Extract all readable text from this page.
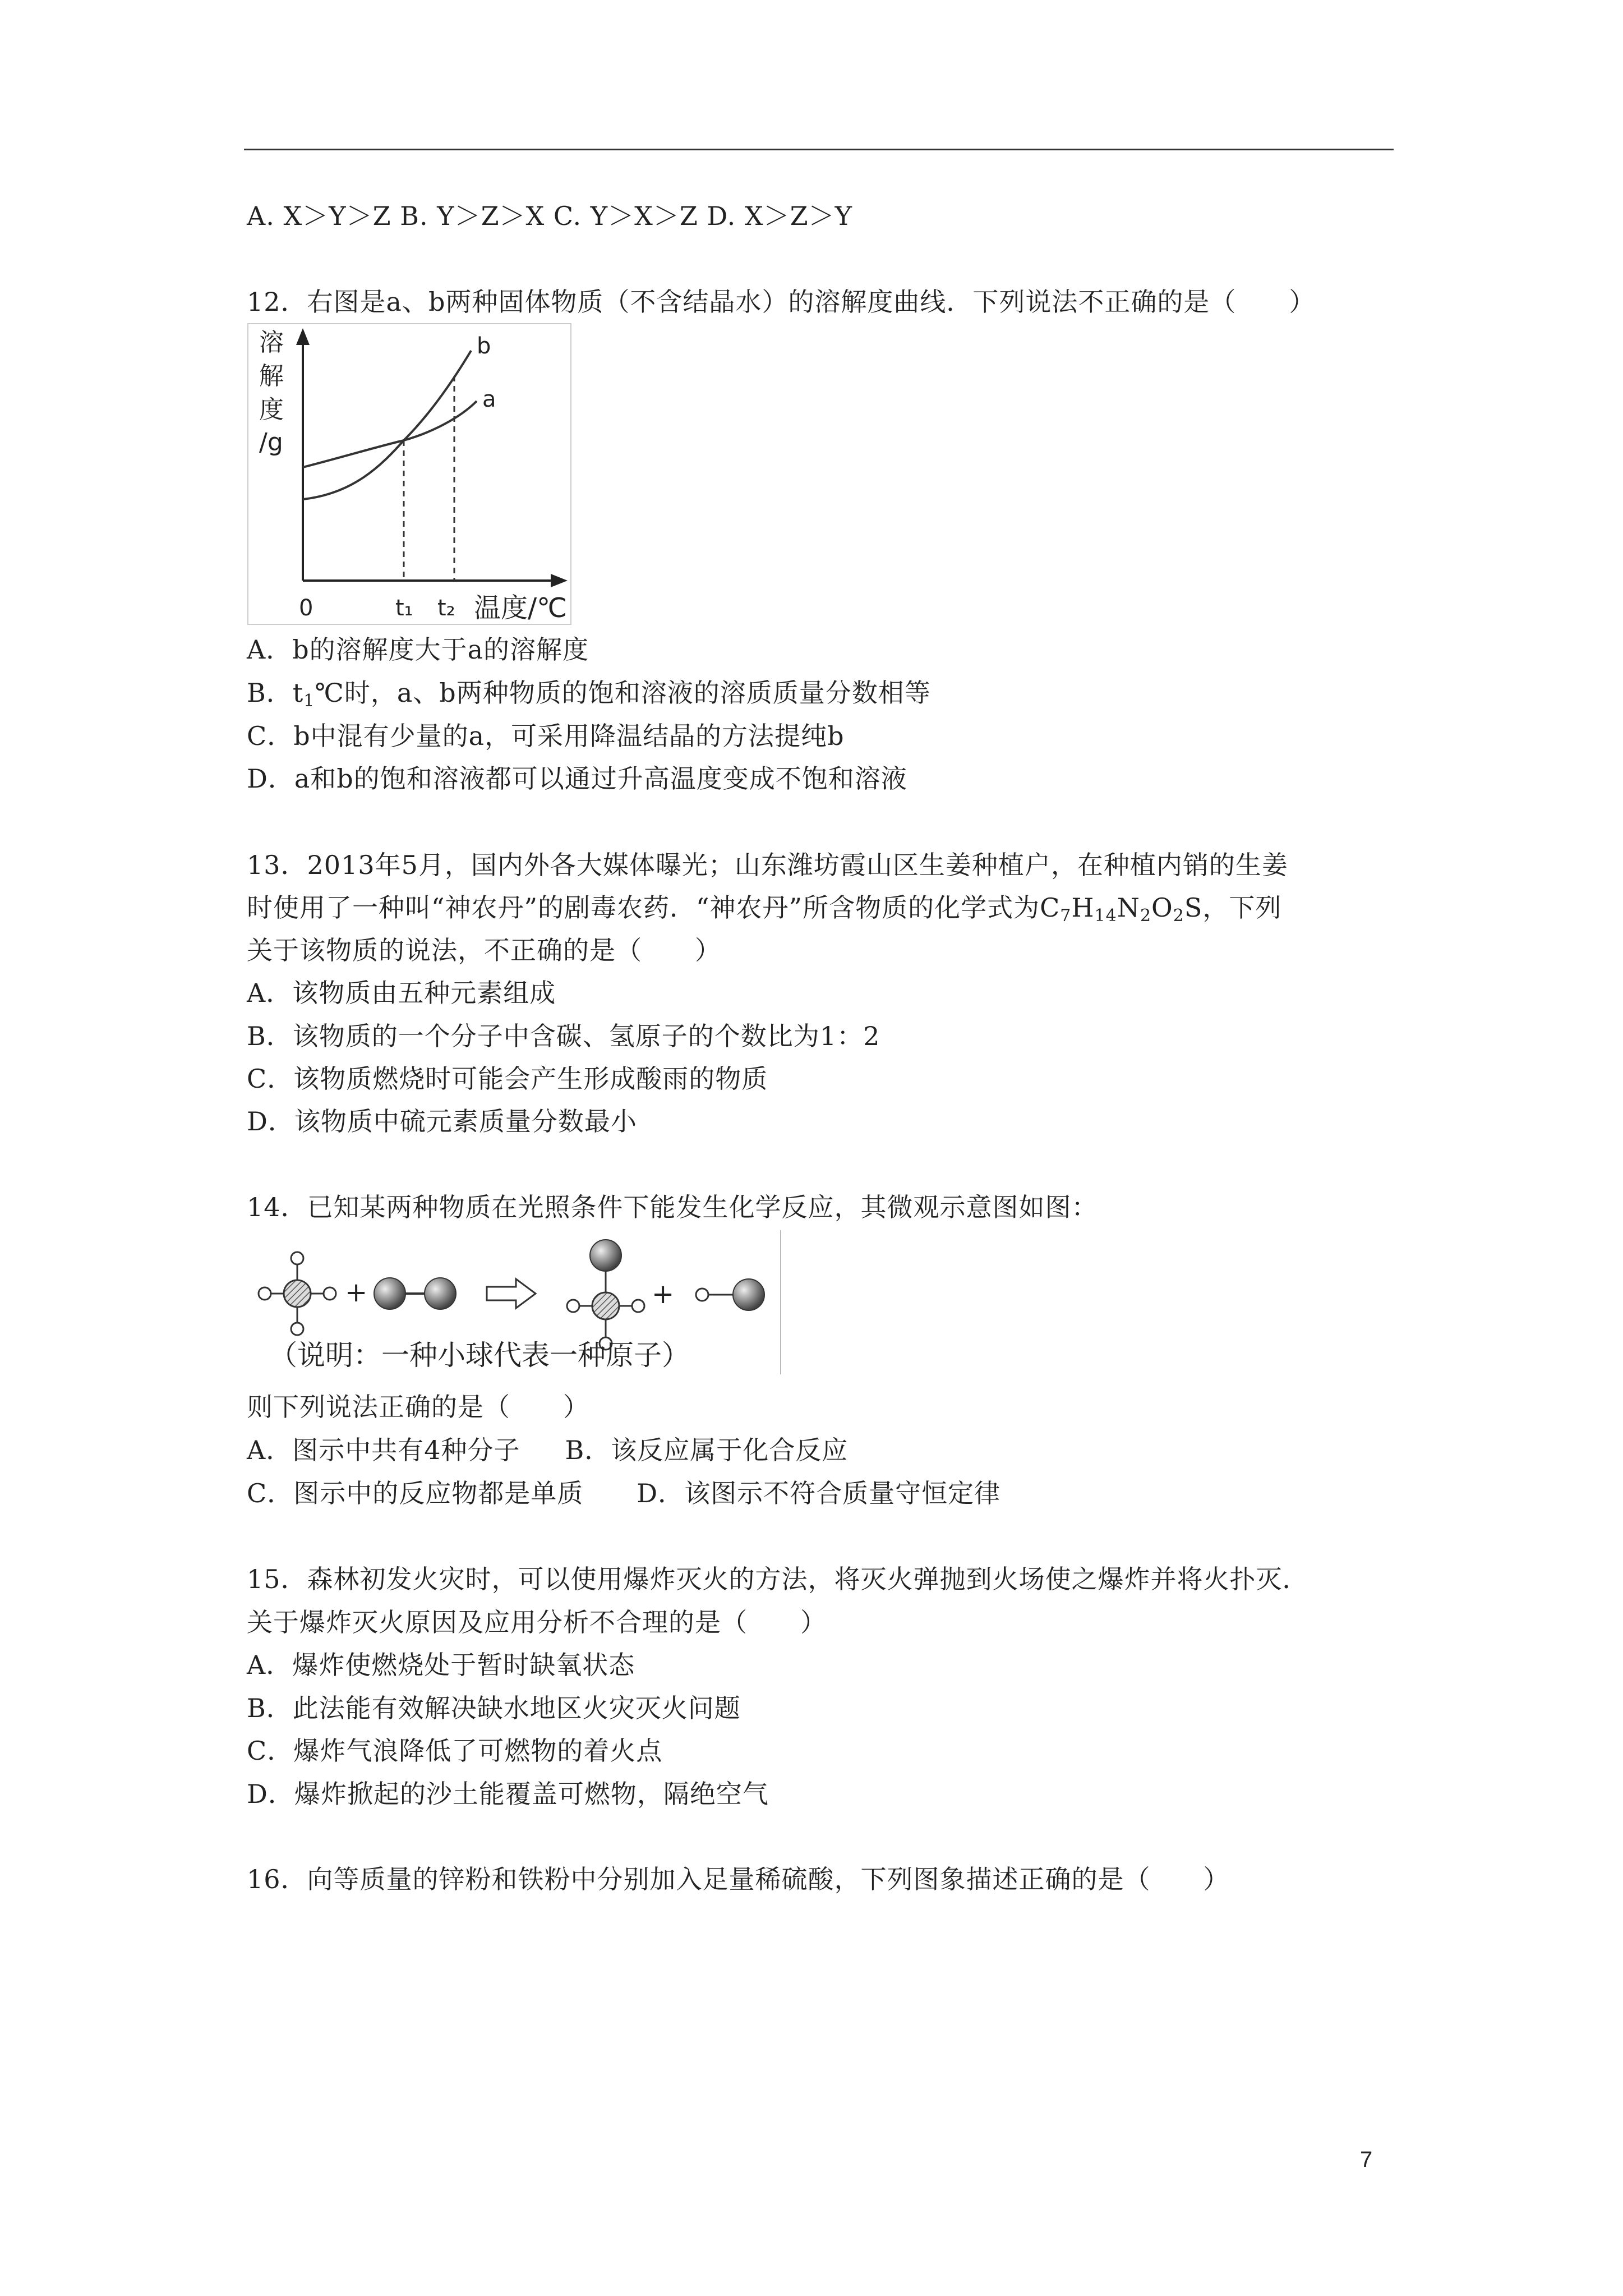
A. X＞Y＞Z B. Y＞Z＞X C. Y＞X＞Z D. X＞Z＞Y
12．右图是a、b两种固体物质（不含结晶水）的溶解度曲线．下列说法不正确的是（　　）
溶
解
度
/g
b
a
0	t₁ t₂ 温度/℃
A．b的溶解度大于a的溶解度
B．$t_1℃$时，a、b两种物质的饱和溶液的溶质质量分数相等
C．b中混有少量的a，可采用降温结晶的方法提纯b
D．a和b的饱和溶液都可以通过升高温度变成不饱和溶液
13．2013年5月，国内外各大媒体曝光；山东潍坊霞山区生姜种植户，在种植内销的生姜
时使用了一种叫“神农丹”的剧毒农药．“神农丹”所含物质的化学式为$C_7H_{14}N_2O_2S$，下列
关于该物质的说法，不正确的是（　　）
A．该物质由五种元素组成
B．该物质的一个分子中含碳、氢原子的个数比为1：2
C．该物质燃烧时可能会产生形成酸雨的物质
D．该物质中硫元素质量分数最小
14．已知某两种物质在光照条件下能发生化学反应，其微观示意图如图：
+	+
（说明：一种小球代表一种原子）
则下列说法正确的是（　　）
A．图示中共有4种分子 B．该反应属于化合反应
C．图示中的反应物都是单质 D．该图示不符合质量守恒定律
15．森林初发火灾时，可以使用爆炸灭火的方法，将灭火弹抛到火场使之爆炸并将火扑灭．
关于爆炸灭火原因及应用分析不合理的是（　　）
A．爆炸使燃烧处于暂时缺氧状态
B．此法能有效解决缺水地区火灾灭火问题
C．爆炸气浪降低了可燃物的着火点
D．爆炸掀起的沙土能覆盖可燃物，隔绝空气
16．向等质量的锌粉和铁粉中分别加入足量稀硫酸，下列图象描述正确的是（　　）
7
